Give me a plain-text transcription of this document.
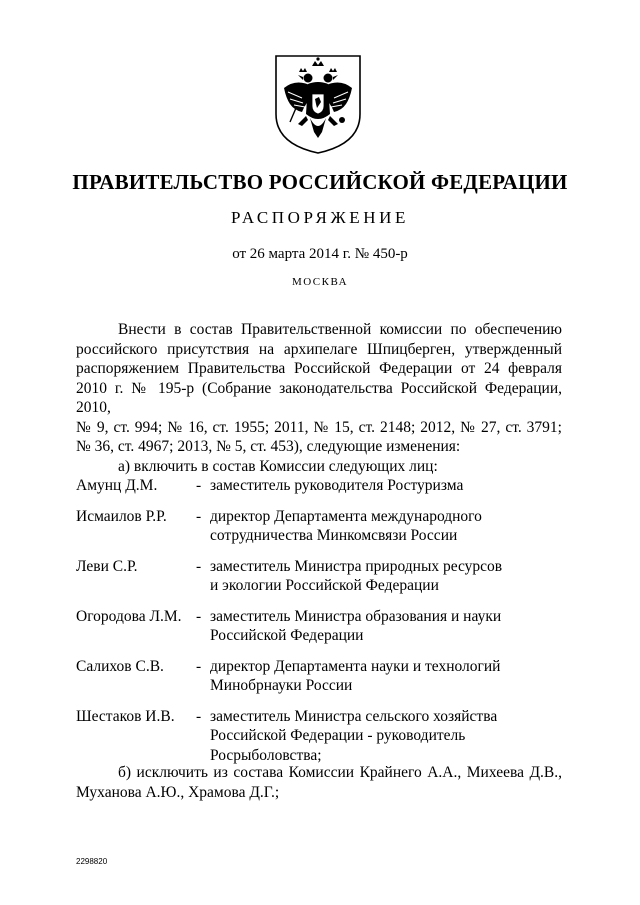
ПРАВИТЕЛЬСТВО РОССИЙСКОЙ ФЕДЕРАЦИИ
РАСПОРЯЖЕНИЕ
от 26 марта 2014 г. № 450-р
МОСКВА
Внести в состав Правительственной комиссии по обеспечению
российского присутствия на архипелаге Шпицберген, утвержденный
распоряжением Правительства Российской Федерации от 24 февраля
2010 г. № 195-р (Собрание законодательства Российской Федерации, 2010,
№ 9, ст. 994; № 16, ст. 1955; 2011, № 15, ст. 2148; 2012, № 27, ст. 3791;
№ 36, ст. 4967; 2013, № 5, ст. 453), следующие изменения:
а) включить в состав Комиссии следующих лиц:
Амунц Д.М. - заместитель руководителя Ростуризма
Исмаилов Р.Р. - директор Департамента международного
сотрудничества Минкомсвязи России
Леви С.Р.	- заместитель Министра природных ресурсов
и экологии Российской Федерации
Огородова Л.М. - заместитель Министра образования и науки
Российской Федерации
Салихов С.В. - директор Департамента науки и технологий
Минобрнауки России
Шестаков И.В. - заместитель Министра сельского хозяйства
Российской Федерации - руководитель
Росрыболовства;
б) исключить из состава Комиссии Крайнего А.А., Михеева Д.В.,
Муханова А.Ю., Храмова Д.Г.;
2298820
